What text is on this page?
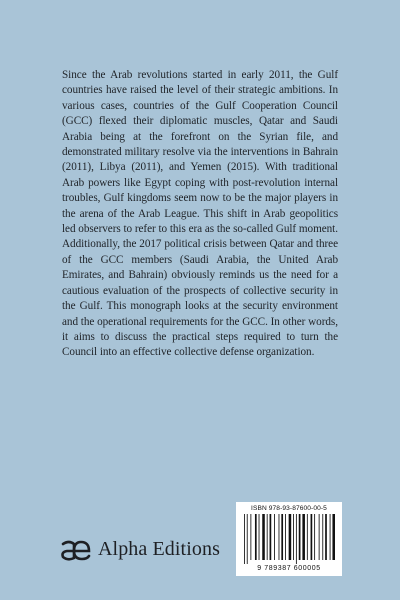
Since the Arab revolutions started in early 2011, the Gulf countries have raised the level of their strategic ambitions. In various cases, countries of the Gulf Cooperation Council (GCC) flexed their diplomatic muscles, Qatar and Saudi Arabia being at the forefront on the Syrian file, and demonstrated military resolve via the interventions in Bahrain (2011), Libya (2011), and Yemen (2015). With traditional Arab powers like Egypt coping with post-revolution internal troubles, Gulf kingdoms seem now to be the major players in the arena of the Arab League. This shift in Arab geopolitics led observers to refer to this era as the so-called Gulf moment. Additionally, the 2017 political crisis between Qatar and three of the GCC members (Saudi Arabia, the United Arab Emirates, and Bahrain) obviously reminds us the need for a cautious evaluation of the prospects of collective security in the Gulf. This monograph looks at the security environment and the operational requirements for the GCC. In other words, it aims to discuss the practical steps required to turn the Council into an effective collective defense organization.

Alpha Editions
ISBN 978-93-87600-00-5
9 789387 600005
